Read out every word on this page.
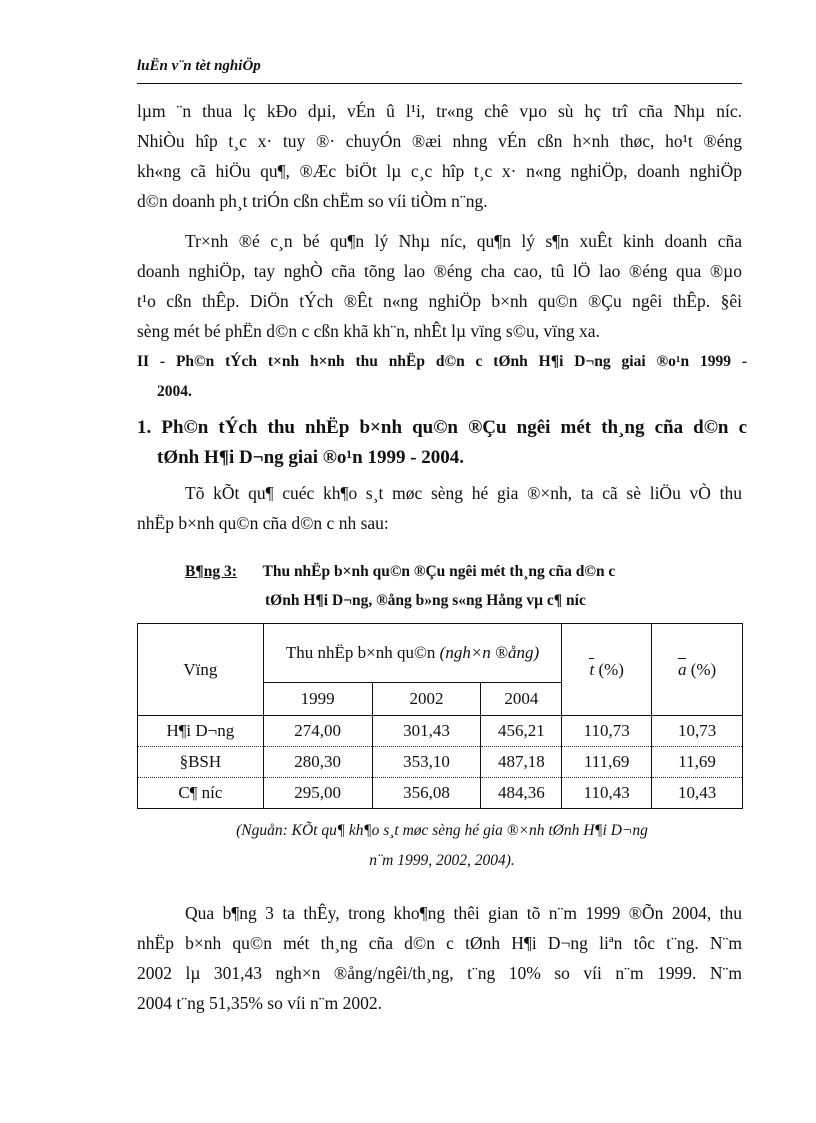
luËn v¨n tèt nghiÖp
lµm ¨n thua lç kÐo dµi, vÉn û l¹i, tr«ng chê vµo sù hç trî cña Nhµ níc.
NhiÒu hîp t¸c x· tuy ®· chuyÓn ®æi nhng vÉn cßn h×nh thøc, ho¹t ®éng
kh«ng cã hiÖu qu¶, ®Æc biÖt lµ c¸c hîp t¸c x· n«ng nghiÖp, doanh nghiÖp
d©n doanh ph¸t triÓn cßn chËm so víi tiÒm n¨ng.
Tr×nh ®é c¸n bé qu¶n lý Nhµ níc, qu¶n lý s¶n xuÊt kinh doanh cña
doanh nghiÖp, tay nghÒ cña tõng lao ®éng cha cao, tû lÖ lao ®éng qua ®µo
t¹o cßn thÊp. DiÖn tÝch ®Êt n«ng nghiÖp b×nh qu©n ®Çu ngêi thÊp. §êi
sèng mét bé phËn d©n c cßn khã kh¨n, nhÊt lµ vïng s©u, vïng xa.
II - Ph©n tÝch t×nh h×nh thu nhËp d©n c tØnh H¶i D¬ng giai ®o¹n 1999 -
2004.
1. Ph©n tÝch thu nhËp b×nh qu©n ®Çu ngêi mét th¸ng cña d©n c
tØnh H¶i D¬ng giai ®o¹n 1999 - 2004.
Tõ kÕt qu¶ cuéc kh¶o s¸t møc sèng hé gia ®×nh, ta cã sè liÖu vÒ thu
nhËp b×nh qu©n cña d©n c nh sau:
B¶ng 3: Thu nhËp b×nh qu©n ®Çu ngêi mét th¸ng cña d©n c
tØnh H¶i D¬ng, ®ång b»ng s«ng Hång vµ c¶ níc
Vïng	Thu nhËp b×nh qu©n (ngh×n ®ång)			t (%)	a (%)
	1999	2002	2004		
H¶i D¬ng	274,00	301,43	456,21	110,73	10,73
§BSH	280,30	353,10	487,18	111,69	11,69
C¶ níc	295,00	356,08	484,36	110,43	10,43
(Nguån: KÕt qu¶ kh¶o s¸t møc sèng hé gia ®×nh tØnh H¶i D¬ng
n¨m 1999, 2002, 2004).
Qua b¶ng 3 ta thÊy, trong kho¶ng thêi gian tõ n¨m 1999 ®Õn 2004, thu
nhËp b×nh qu©n mét th¸ng cña d©n c tØnh H¶i D¬ng liªn tôc t¨ng. N¨m
2002 lµ 301,43 ngh×n ®ång/ngêi/th¸ng, t¨ng 10% so víi n¨m 1999. N¨m
2004 t¨ng 51,35% so víi n¨m 2002.
